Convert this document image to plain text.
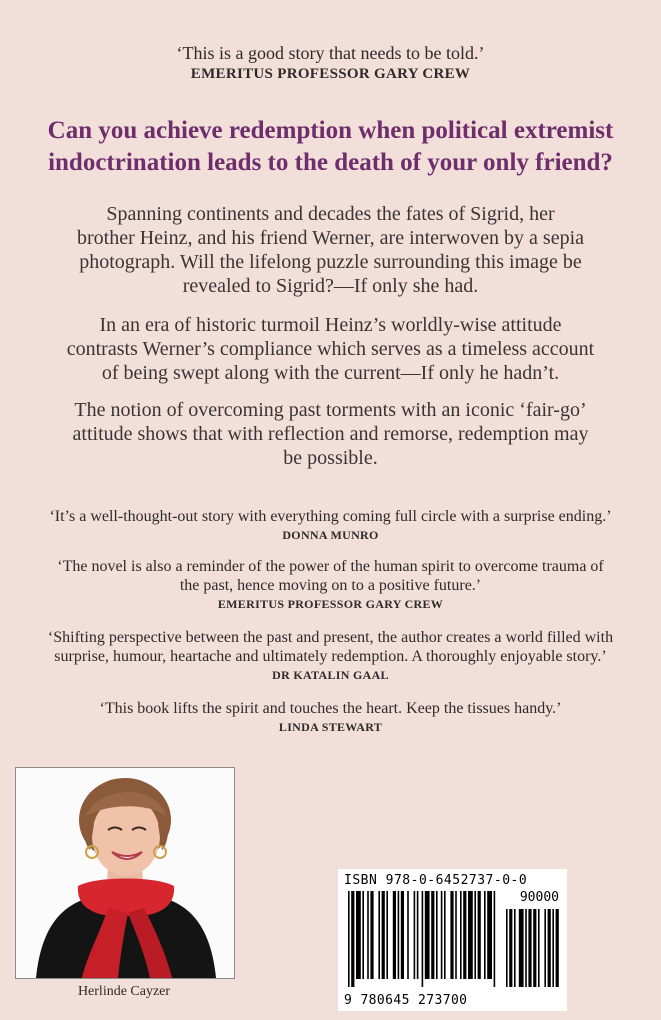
‘This is a good story that needs to be told.’
EMERITUS PROFESSOR GARY CREW
Can you achieve redemption when political extremist
indoctrination leads to the death of your only friend?
Spanning continents and decades the fates of Sigrid, her
brother Heinz, and his friend Werner, are interwoven by a sepia
photograph. Will the lifelong puzzle surrounding this image be
revealed to Sigrid?—If only she had.
In an era of historic turmoil Heinz’s worldly-wise attitude
contrasts Werner’s compliance which serves as a timeless account
of being swept along with the current—If only he hadn’t.
The notion of overcoming past torments with an iconic ‘fair-go’
attitude shows that with reflection and remorse, redemption may
be possible.
‘It’s a well-thought-out story with everything coming full circle with a surprise ending.’
DONNA MUNRO
‘The novel is also a reminder of the power of the human spirit to overcome trauma of
the past, hence moving on to a positive future.’
EMERITUS PROFESSOR GARY CREW
‘Shifting perspective between the past and present, the author creates a world filled with
surprise, humour, heartache and ultimately redemption. A thoroughly enjoyable story.’
DR KATALIN GAAL
‘This book lifts the spirit and touches the heart. Keep the tissues handy.’
LINDA STEWART
Herlinde Cayzer
ISBN 978-0-6452737-0-0
90000
9 780645 273700
